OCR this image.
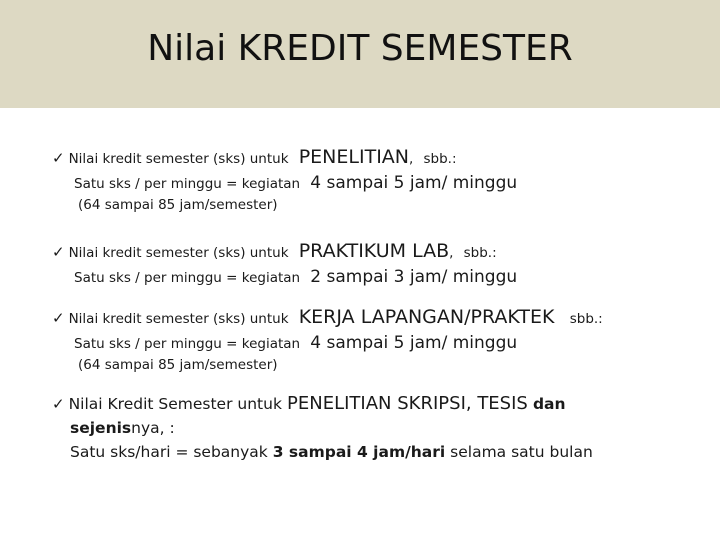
Nilai KREDIT SEMESTER
✓ Nilai kredit semester (sks) untuk PENELITIAN, sbb.:
Satu sks / per minggu = kegiatan 4 sampai 5 jam/ minggu
(64 sampai 85 jam/semester)
✓ Nilai kredit semester (sks) untuk PRAKTIKUM LAB, sbb.:
Satu sks / per minggu = kegiatan 2 sampai 3 jam/ minggu
✓ Nilai kredit semester (sks) untuk KERJA LAPANGAN/PRAKTEK sbb.:
Satu sks / per minggu = kegiatan 4 sampai 5 jam/ minggu
(64 sampai 85 jam/semester)
✓ Nilai Kredit Semester untuk PENELITIAN SKRIPSI, TESIS dan
sejenisnya, :
Satu sks/hari = sebanyak 3 sampai 4 jam/hari selama satu bulan
